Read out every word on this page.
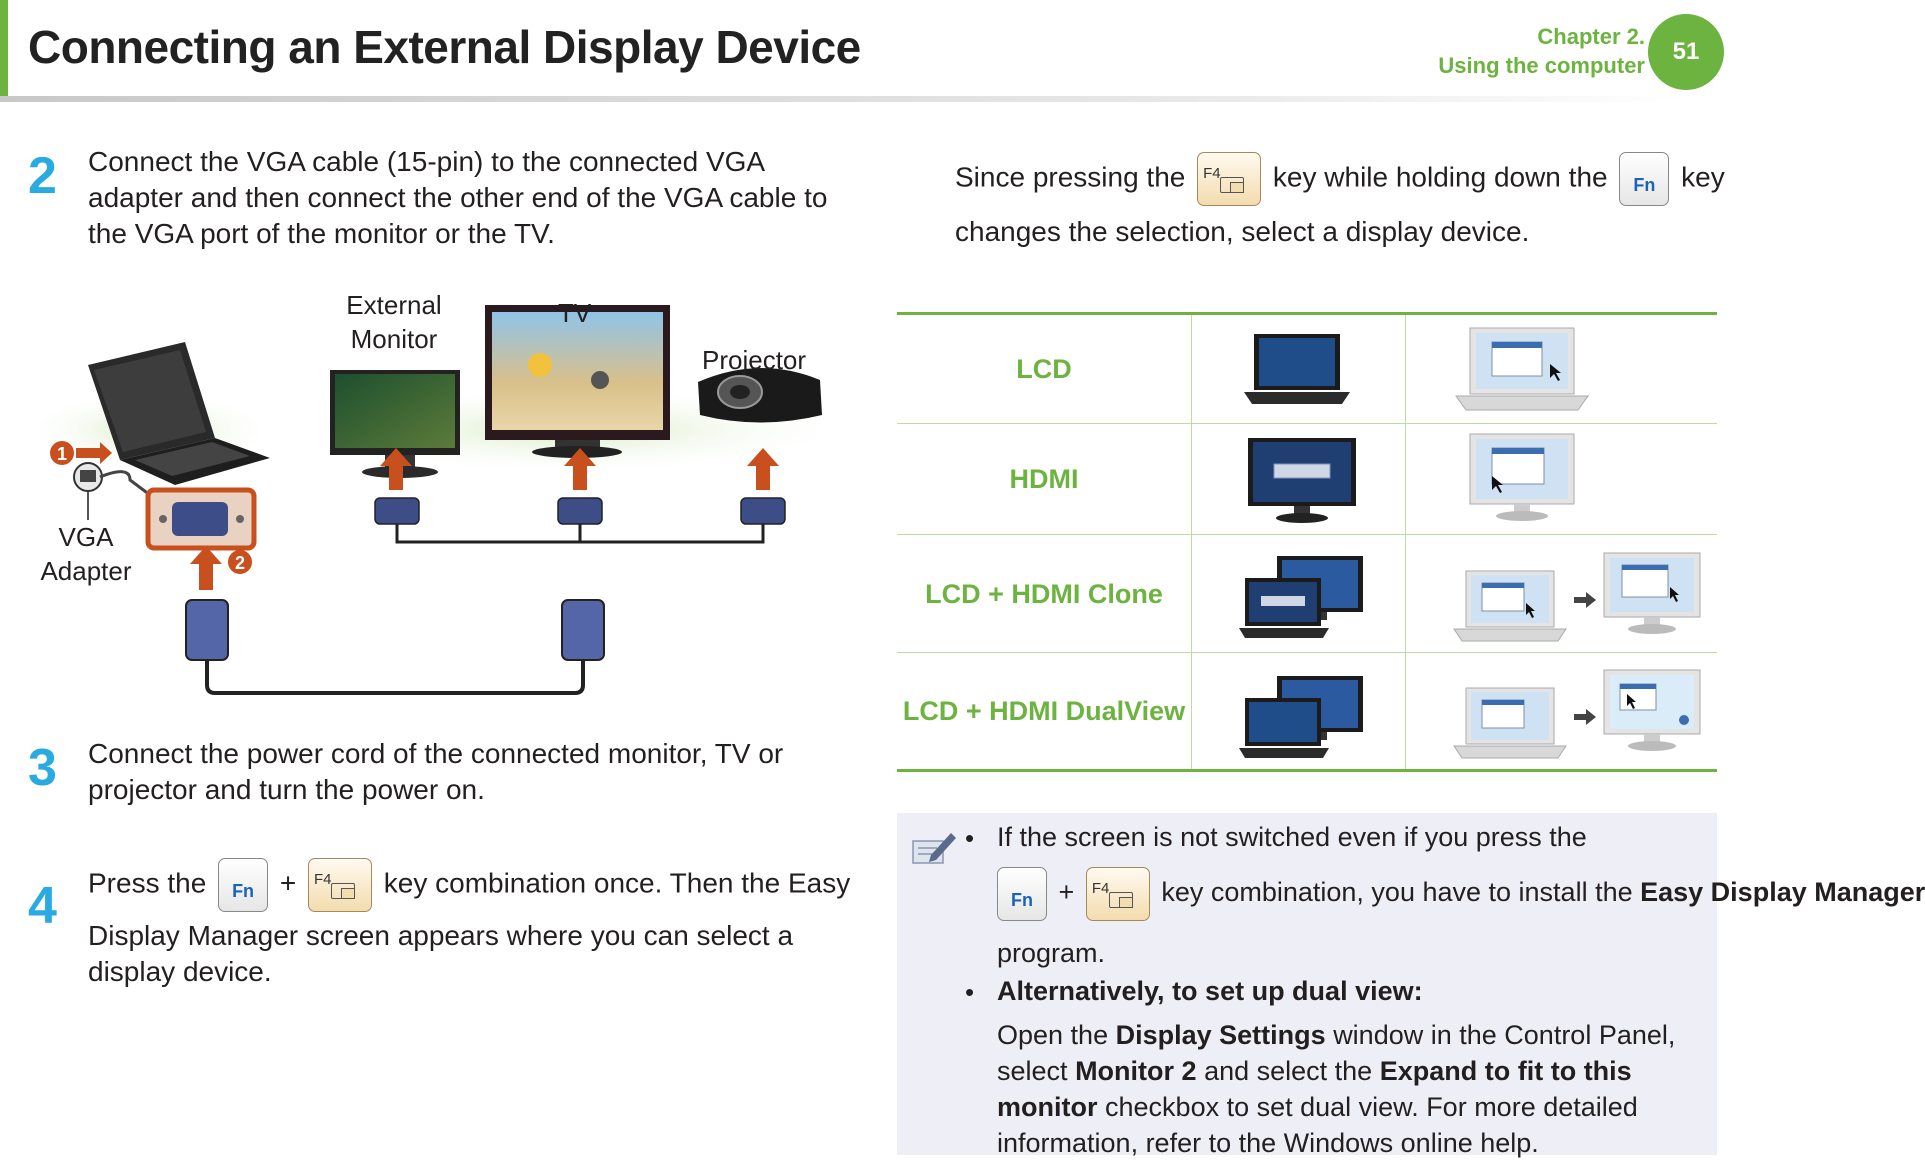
Connecting an External Display Device	Chapter 2.
Using the computer
51
2 Connect the VGA cable (15-pin) to the connected VGA adapter and then connect the other end of the VGA cable to the VGA port of the monitor or the TV.
1
2
External Monitor
TV
Projector
VGA Adapter
3 Connect the power cord of the connected monitor, TV or projector and turn the power on.
4 Press the	Fn + F4 key combination once. Then the Easy
Display Manager screen appears where you can select a display device.
Since pressing the F4 key while holding down the	Fn key
changes the selection, select a display device.
LCD
HDMI
LCD + HDMI Clone
LCD + HDMI DualView
• If the screen is not switched even if you press the
Fn + F4 key combination, you have to install the Easy Display Manager
program.
• Alternatively, to set up dual view:
Open the Display Settings window in the Control Panel, select Monitor 2 and select the Expand to fit to this monitor checkbox to set dual view. For more detailed information, refer to the Windows online help.
